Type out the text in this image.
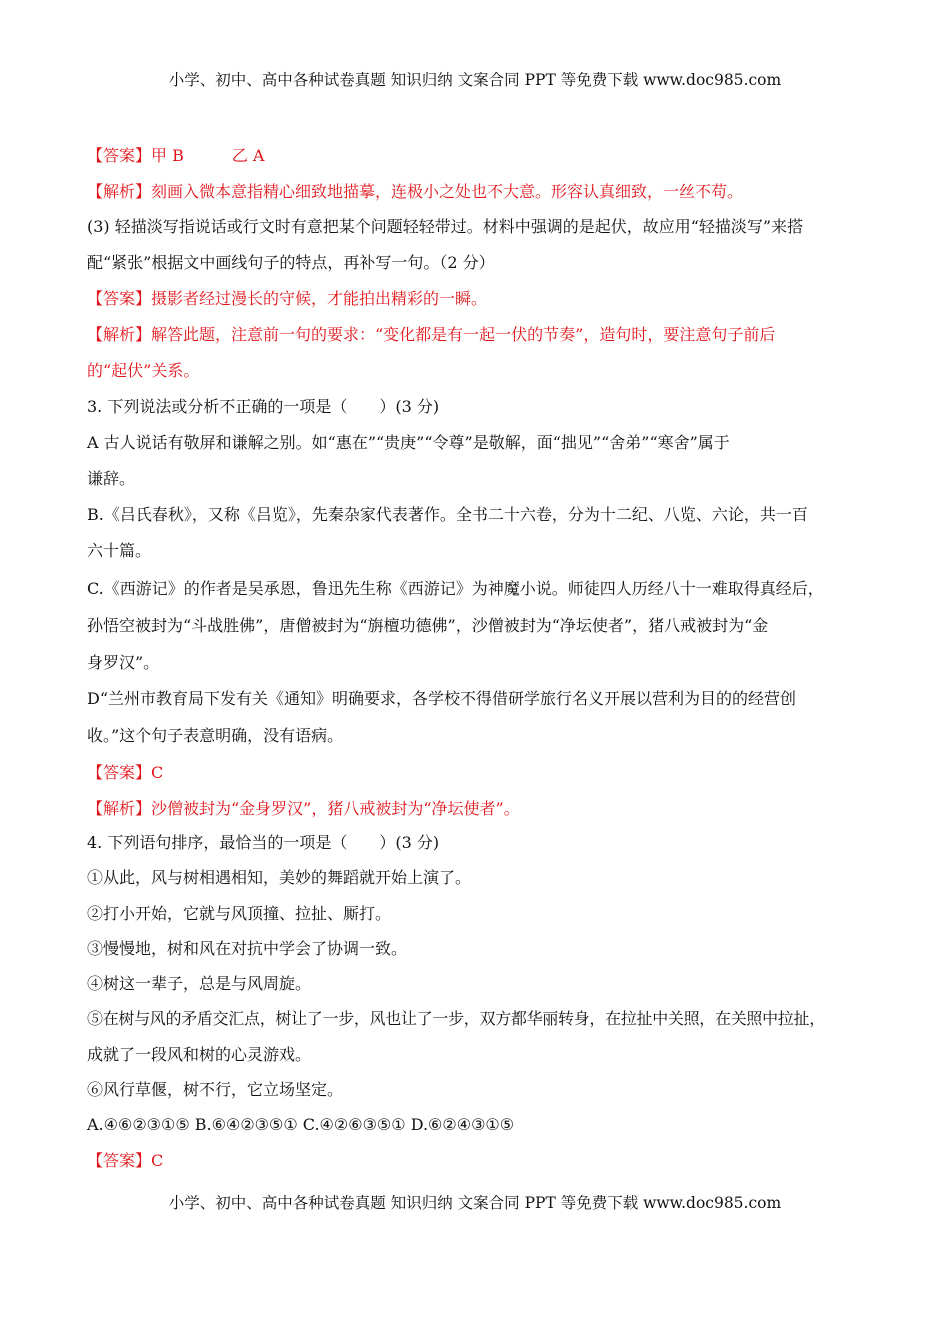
小学、初中、高中各种试卷真题 知识归纳 文案合同 PPT 等免费下载 www.doc985.com
【答案】甲 B　　　乙 A
【解析】刻画入微本意指精心细致地描摹，连极小之处也不大意。形容认真细致，一丝不苟。
(3) 轻描淡写指说话或行文时有意把某个问题轻轻带过。材料中强调的是起伏，故应用“轻描淡写”来搭
配“紧张”根据文中画线句子的特点，再补写一句。（2 分）
【答案】摄影者经过漫长的守候，才能拍出精彩的一瞬。
【解析】解答此题，注意前一句的要求：“变化都是有一起一伏的节奏”，造句时，要注意句子前后
的“起伏”关系。
3. 下列说法或分析不正确的一项是（　　）(3 分)
A 古人说话有敬屏和谦解之别。如“惠在”“贵庚”“令尊”是敬解，面“拙见”“舍弟”“寒舍”属于
谦辞。
B.《吕氏春秋》，又称《吕览》，先秦杂家代表著作。全书二十六卷，分为十二纪、八览、六论，共一百
六十篇。
C.《西游记》的作者是吴承恩，鲁迅先生称《西游记》为神魔小说。师徒四人历经八十一难取得真经后，
孙悟空被封为“斗战胜佛”，唐僧被封为“旃檀功德佛”，沙僧被封为“净坛使者”，猪八戒被封为“金
身罗汉”。
D“兰州市教育局下发有关《通知》明确要求，各学校不得借研学旅行名义开展以营利为目的的经营创
收。”这个句子表意明确，没有语病。
【答案】C
【解析】沙僧被封为“金身罗汉”，猪八戒被封为“净坛使者”。
4. 下列语句排序，最恰当的一项是（　　）(3 分)
①从此，风与树相遇相知，美妙的舞蹈就开始上演了。
②打小开始，它就与风顶撞、拉扯、厮打。
③慢慢地，树和风在对抗中学会了协调一致。
④树这一辈子，总是与风周旋。
⑤在树与风的矛盾交汇点，树让了一步，风也让了一步，双方都华丽转身，在拉扯中关照，在关照中拉扯，
成就了一段风和树的心灵游戏。
⑥风行草偃，树不行，它立场坚定。
A.④⑥②③①⑤ B.⑥④②③⑤① C.④②⑥③⑤① D.⑥②④③①⑤
【答案】C
小学、初中、高中各种试卷真题 知识归纳 文案合同 PPT 等免费下载 www.doc985.com
